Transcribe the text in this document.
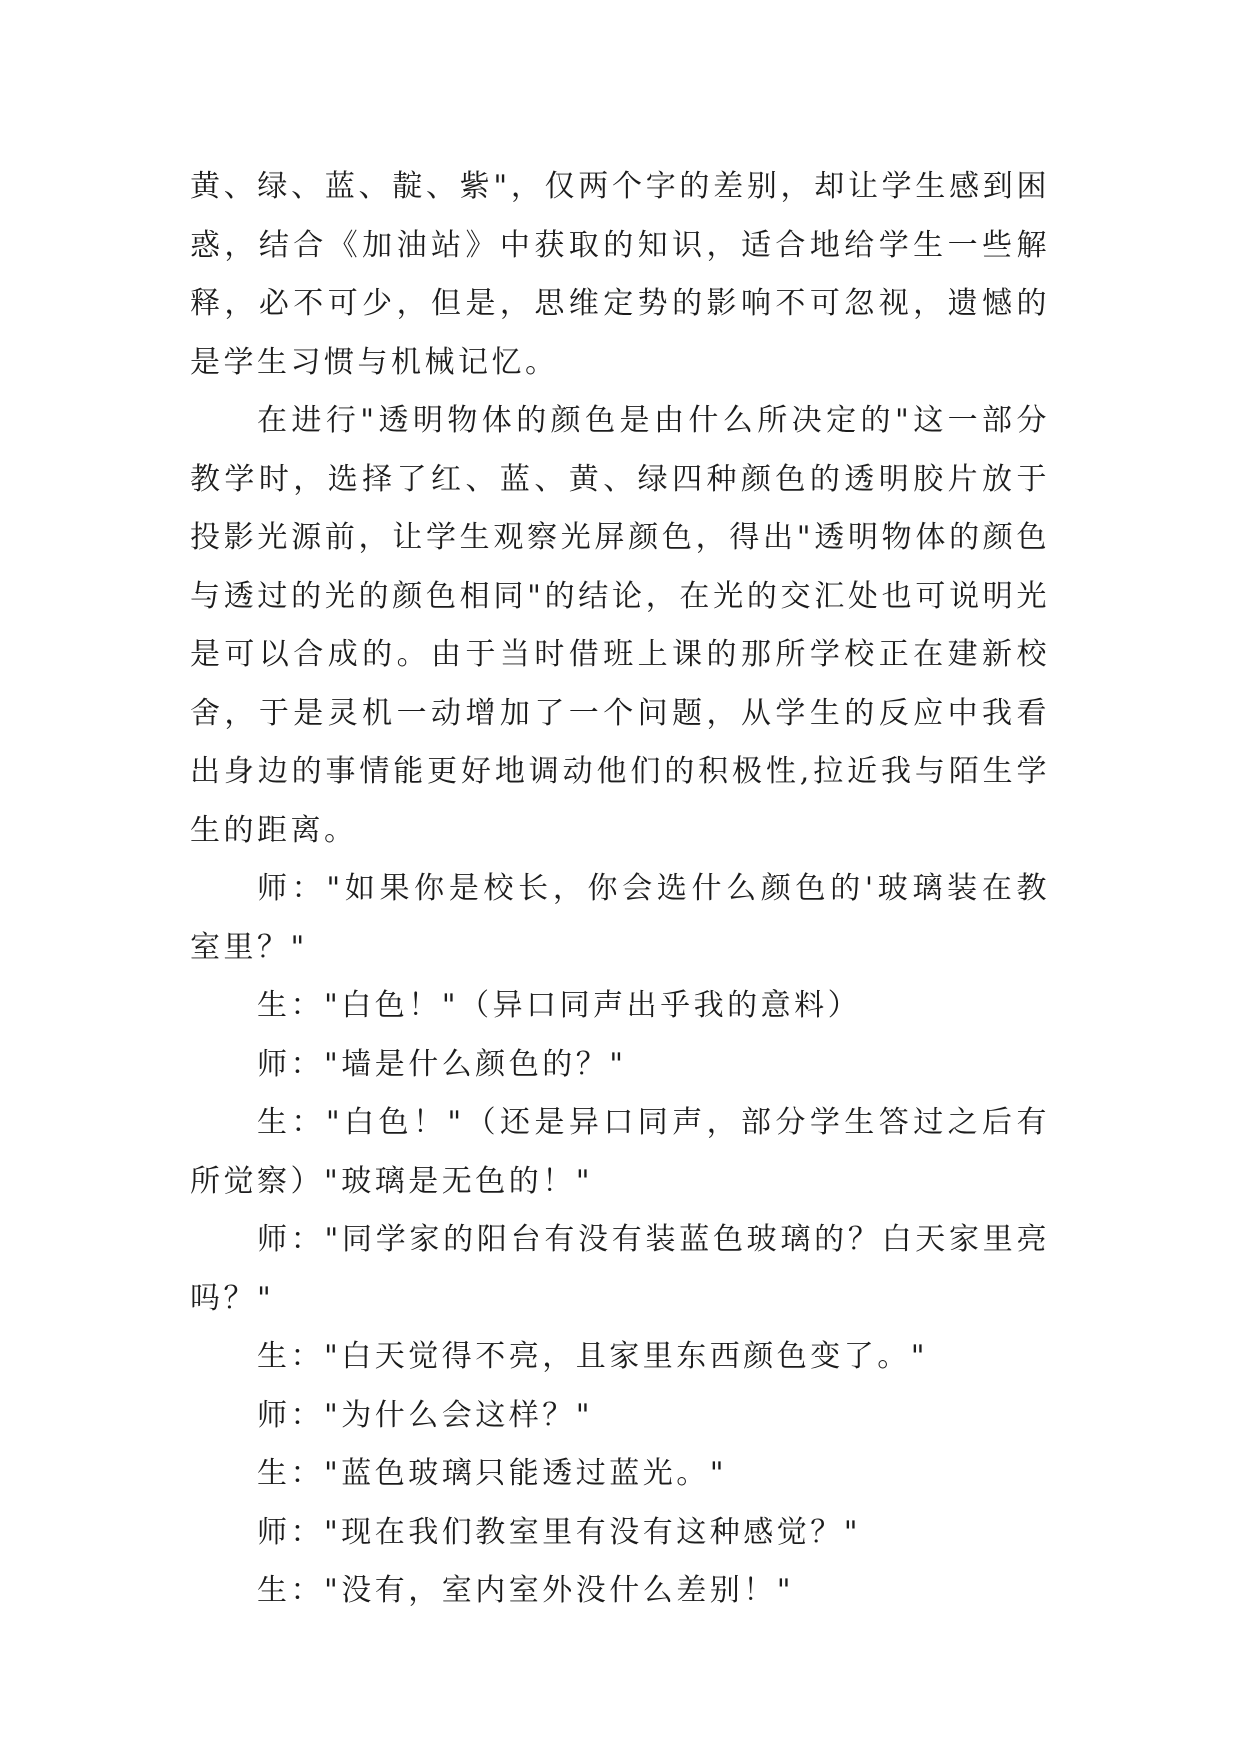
黄、绿、蓝、靛、紫"，仅两个字的差别，却让学生感到困惑，结合《加油站》中获取的知识，适合地给学生一些解释，必不可少，但是，思维定势的影响不可忽视，遗憾的是学生习惯与机械记忆。

在进行"透明物体的颜色是由什么所决定的"这一部分教学时，选择了红、蓝、黄、绿四种颜色的透明胶片放于投影光源前，让学生观察光屏颜色，得出"透明物体的颜色与透过的光的颜色相同"的结论，在光的交汇处也可说明光是可以合成的。由于当时借班上课的那所学校正在建新校舍，于是灵机一动增加了一个问题，从学生的反应中我看出身边的事情能更好地调动他们的积极性,拉近我与陌生学生的距离。

师："如果你是校长，你会选什么颜色的'玻璃装在教室里？"

生："白色！"（异口同声出乎我的意料）

师："墙是什么颜色的？"

生："白色！"（还是异口同声，部分学生答过之后有所觉察）"玻璃是无色的！"

师："同学家的阳台有没有装蓝色玻璃的？白天家里亮吗？"

生："白天觉得不亮，且家里东西颜色变了。"

师："为什么会这样？"

生："蓝色玻璃只能透过蓝光。"

师："现在我们教室里有没有这种感觉？"

生："没有，室内室外没什么差别！"
